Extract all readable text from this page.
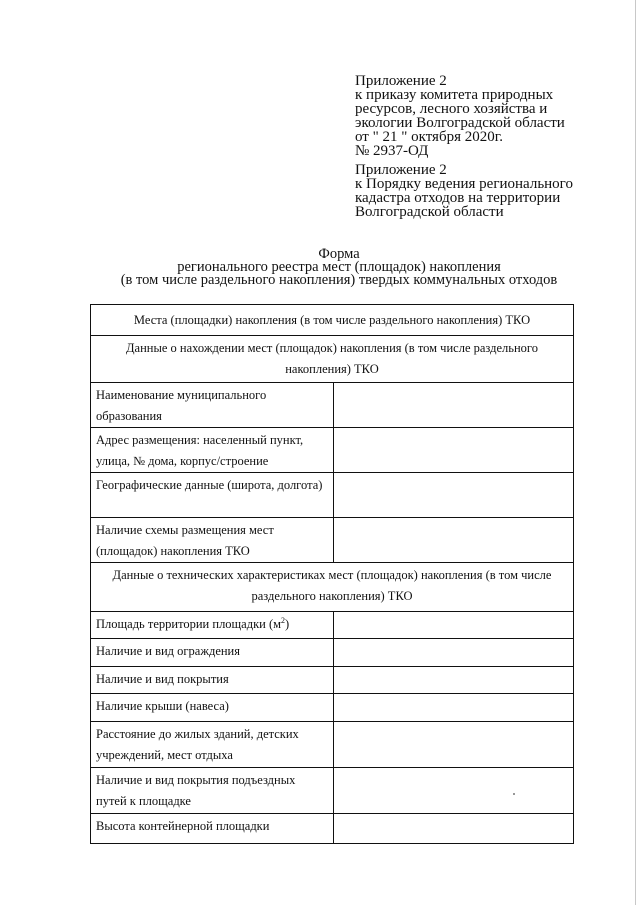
Приложение 2
к приказу комитета природных
ресурсов, лесного хозяйства и
экологии Волгоградской области
от " 21 " октября 2020г.
№ 2937-ОД
Приложение 2
к Порядку ведения регионального
кадастра отходов на территории
Волгоградской области
Форма
регионального реестра мест (площадок) накопления
(в том числе раздельного накопления) твердых коммунальных отходов
Места (площадки) накопления (в том числе раздельного накопления) ТКО	
Данные о нахождении мест (площадок) накопления (в том числе раздельного накопления) ТКО	
Наименование муниципального образования	
Адрес размещения: населенный пункт, улица, № дома, корпус/строение	
Географические данные (широта, долгота)	
Наличие схемы размещения мест (площадок) накопления ТКО	
Данные о технических характеристиках мест (площадок) накопления (в том числе раздельного накопления) ТКО	
Площадь территории площадки $(м^2)$	
Наличие и вид ограждения	
Наличие и вид покрытия	
Наличие крыши (навеса)	
Расстояние до жилых зданий, детских учреждений, мест отдыха	
Наличие и вид покрытия подъездных путей к площадке	
Высота контейнерной площадки	
